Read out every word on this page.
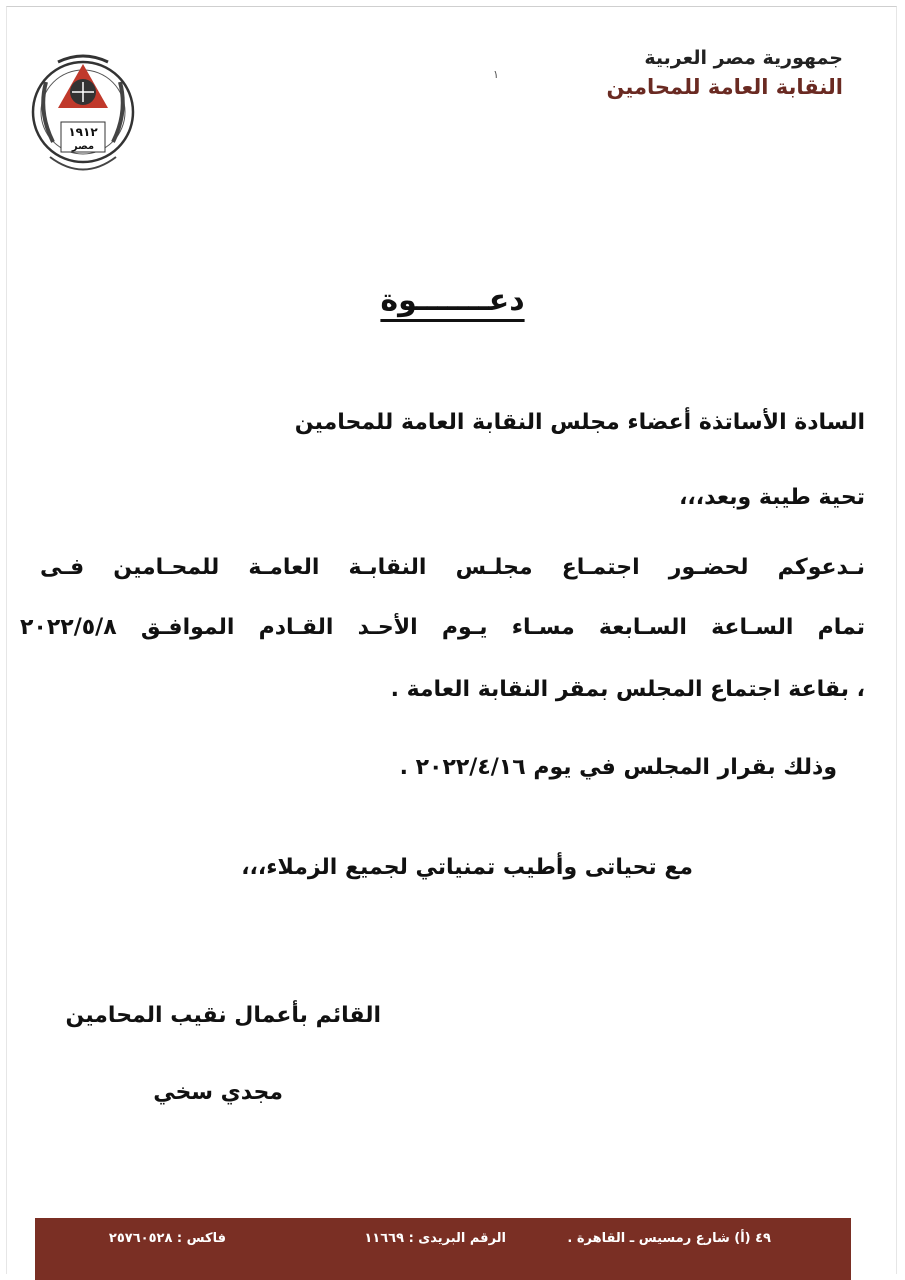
١٩١٢
مصر
جمهورية مصر العربية
النقابة العامة للمحامين
١
دعـــــــوة
السادة الأساتذة أعضاء مجلس النقابة العامة للمحامين
تحية طيبة وبعد،،،
نـدعوكم لحضـور اجتمـاع مجلـس النقابـة العامـة للمحـامين فـى
تمام السـاعة السـابعة مسـاء يـوم الأحـد القـادم الموافـق ٢٠٢٢/٥/٨
، بقاعة اجتماع المجلس بمقر النقابة العامة .
وذلك بقرار المجلس في يوم ٢٠٢٢/٤/١٦ .
مع تحياتى وأطيب تمنياتي لجميع الزملاء،،،
القائم بأعمال نقيب المحامين
مجدي سخي
٤٩ (أ) شارع رمسيس ـ القاهرة .
الرقم البريدى : ١١٦٦٩
فاكس : ٢٥٧٦٠٥٢٨
